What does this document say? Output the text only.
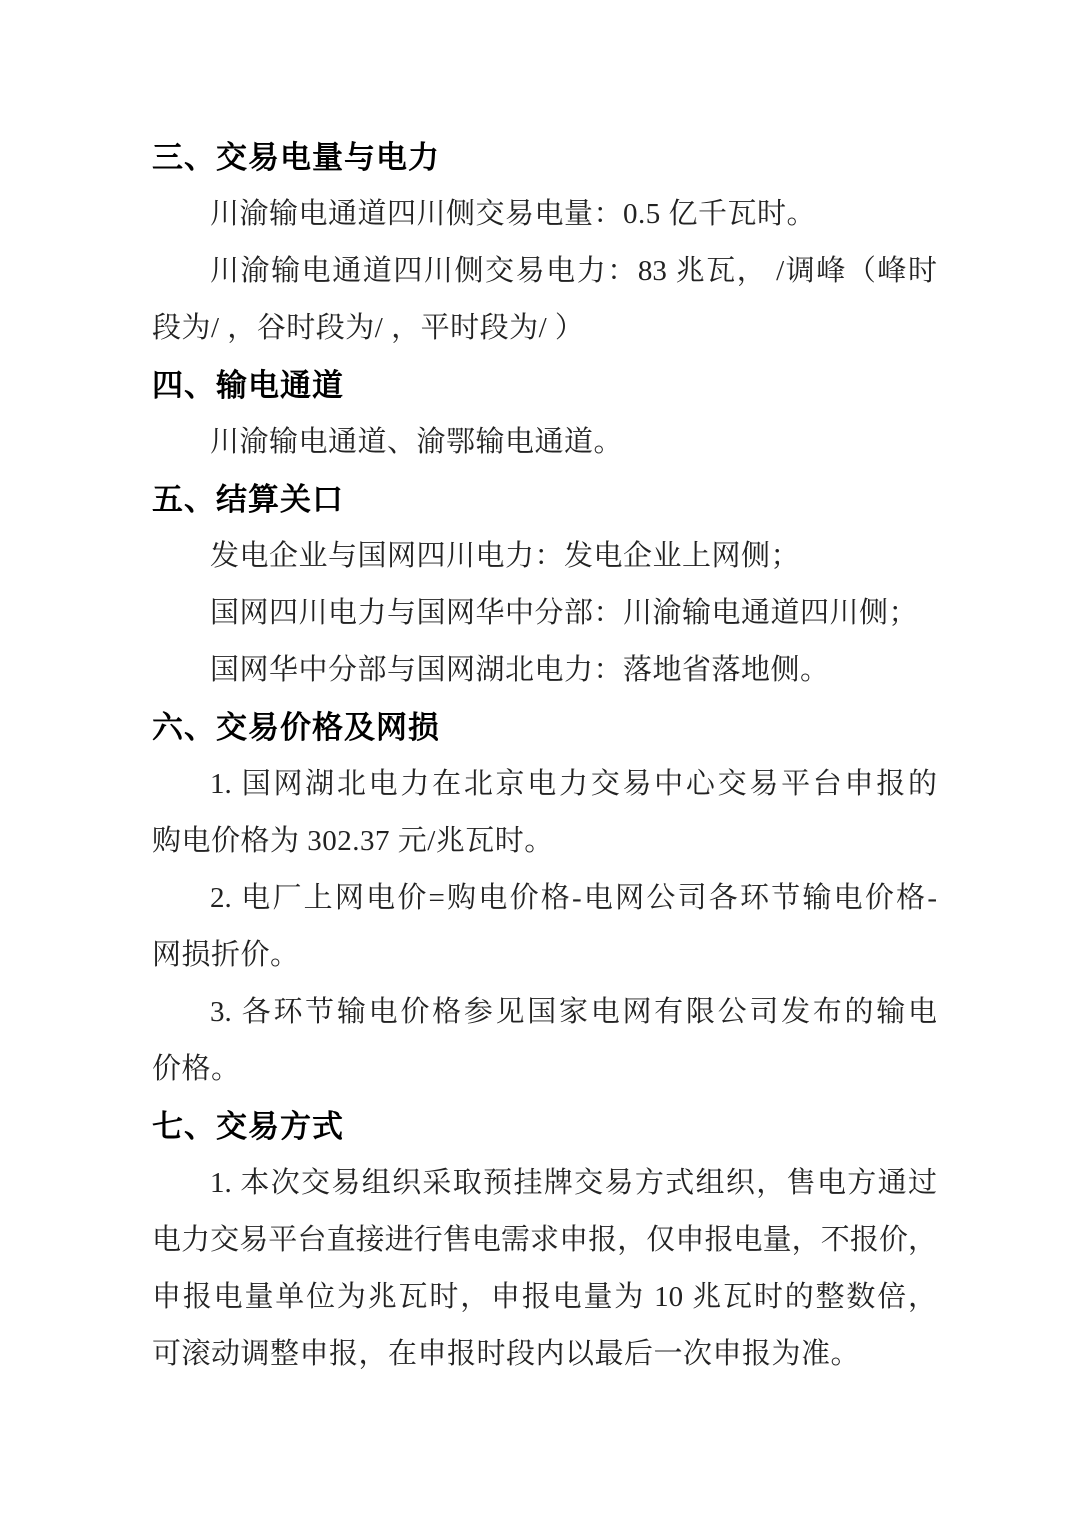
三、交易电量与电力
川渝输电通道四川侧交易电量：0.5 亿千瓦时。
川渝输电通道四川侧交易电力：83 兆瓦， /调峰（峰时
段为/ ，谷时段为/ ，平时段为/ ）
四、输电通道
川渝输电通道、渝鄂输电通道。
五、结算关口
发电企业与国网四川电力：发电企业上网侧；
国网四川电力与国网华中分部：川渝输电通道四川侧；
国网华中分部与国网湖北电力：落地省落地侧。
六、交易价格及网损
1. 国网湖北电力在北京电力交易中心交易平台申报的
购电价格为 302.37 元/兆瓦时。
2. 电厂上网电价=购电价格-电网公司各环节输电价格-
网损折价。
3. 各环节输电价格参见国家电网有限公司发布的输电
价格。
七、交易方式
1. 本次交易组织采取预挂牌交易方式组织，售电方通过
电力交易平台直接进行售电需求申报，仅申报电量，不报价，
申报电量单位为兆瓦时，申报电量为 10 兆瓦时的整数倍，
可滚动调整申报，在申报时段内以最后一次申报为准。
